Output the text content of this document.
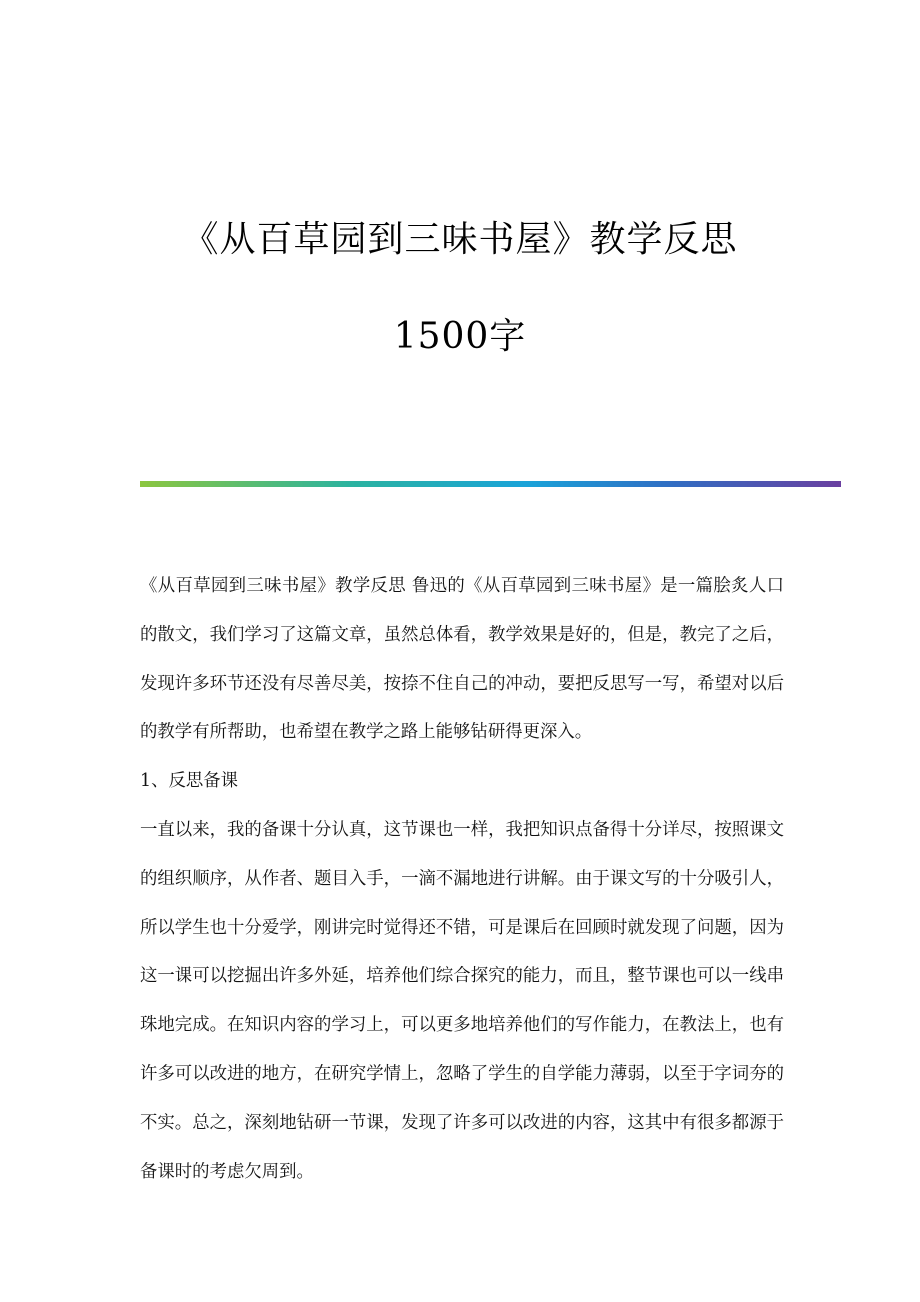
《从百草园到三味书屋》教学反思
1500字

《从百草园到三味书屋》教学反思 鲁迅的《从百草园到三味书屋》是一篇脍炙人口的散文，我们学习了这篇文章，虽然总体看，教学效果是好的，但是，教完了之后，发现许多环节还没有尽善尽美，按捺不住自己的冲动，要把反思写一写，希望对以后的教学有所帮助，也希望在教学之路上能够钻研得更深入。

1、反思备课

一直以来，我的备课十分认真，这节课也一样，我把知识点备得十分详尽，按照课文的组织顺序，从作者、题目入手，一滴不漏地进行讲解。由于课文写的十分吸引人，所以学生也十分爱学，刚讲完时觉得还不错，可是课后在回顾时就发现了问题，因为这一课可以挖掘出许多外延，培养他们综合探究的能力，而且，整节课也可以一线串珠地完成。在知识内容的学习上，可以更多地培养他们的写作能力，在教法上，也有许多可以改进的地方，在研究学情上，忽略了学生的自学能力薄弱，以至于字词夯的不实。总之，深刻地钻研一节课，发现了许多可以改进的内容，这其中有很多都源于备课时的考虑欠周到。
